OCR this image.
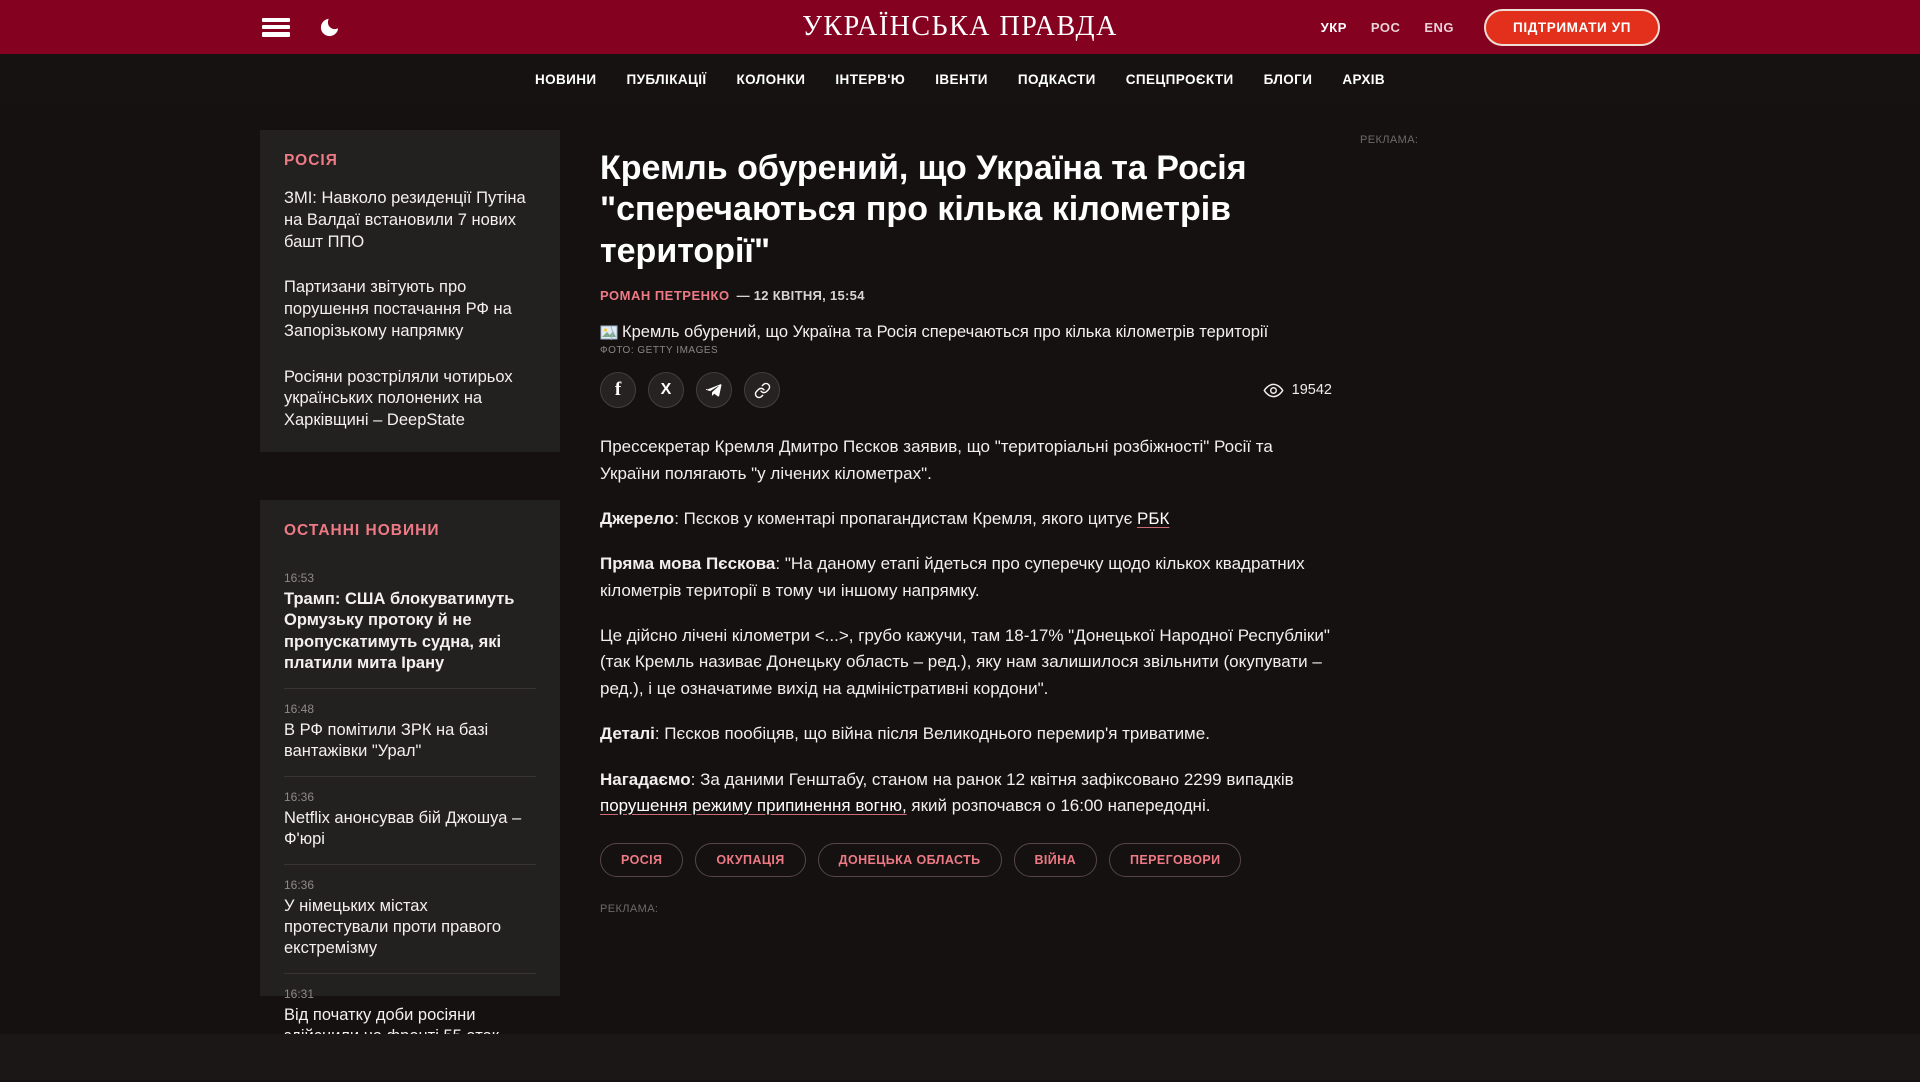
УКРАЇНСЬКА ПРАВДА	УКР РОС ENG	ПІДТРИМАТИ УП
НОВИНИ ПУБЛІКАЦІЇ КОЛОНКИ ІНТЕРВ'Ю ІВЕНТИ ПОДКАСТИ СПЕЦПРОЄКТИ БЛОГИ АРХІВ
РОСІЯ
ЗМІ: Навколо резиденції Путіна на Валдаї встановили 7 нових башт ППО
Партизани звітують про порушення постачання РФ на Запорізькому напрямку
Росіяни розстріляли чотирьох українських полонених на Харківщині – DeepState
ОСТАННІ НОВИНИ
16:53
Трамп: США блокуватимуть Ормузьку протоку й не пропускатимуть судна, які платили мита Ірану
16:48
В РФ помітили ЗРК на базі вантажівки "Урал"
16:36
Netflix анонсував бій Джошуа – Ф'юрі
16:36
У німецьких містах протестували проти правого екстремізму
16:31
Від початку доби росіяни
Кремль обурений, що Україна та Росія "сперечаються про кілька кілометрів території"
РОМАН ПЕТРЕНКО — 12 КВІТНЯ, 15:54
Кремль обурений, що Україна та Росія сперечаються про кілька кілометрів території
ФОТО: GETTY IMAGES
f X	19542

Прессекретар Кремля Дмитро Пєсков заявив, що "територіальні розбіжності" Росії та України полягають "у лічених кілометрах".

Джерело: Пєсков у коментарі пропагандистам Кремля, якого цитує РБК

Пряма мова Пєскова: "На даному етапі йдеться про суперечку щодо кількох квадратних кілометрів території в тому чи іншому напрямку.

Це дійсно лічені кілометри <...>, грубо кажучи, там 18-17% "Донецької Народної Республіки" (так Кремль називає Донецьку область – ред.), яку нам залишилося звільнити (окупувати – ред.), і це означатиме вихід на адміністративні кордони".

Деталі: Пєсков пообіцяв, що війна після Великоднього перемир'я триватиме.

Нагадаємо: За даними Генштабу, станом на ранок 12 квітня зафіксовано 2299 випадків порушення режиму припинення вогню, який розпочався о 16:00 напередодні.

РОСІЯ	ОКУПАЦІЯ	ДОНЕЦЬКА ОБЛАСТЬ	ВІЙНА	ПЕРЕГОВОРИ
РЕКЛАМА:
РЕКЛАМА:
